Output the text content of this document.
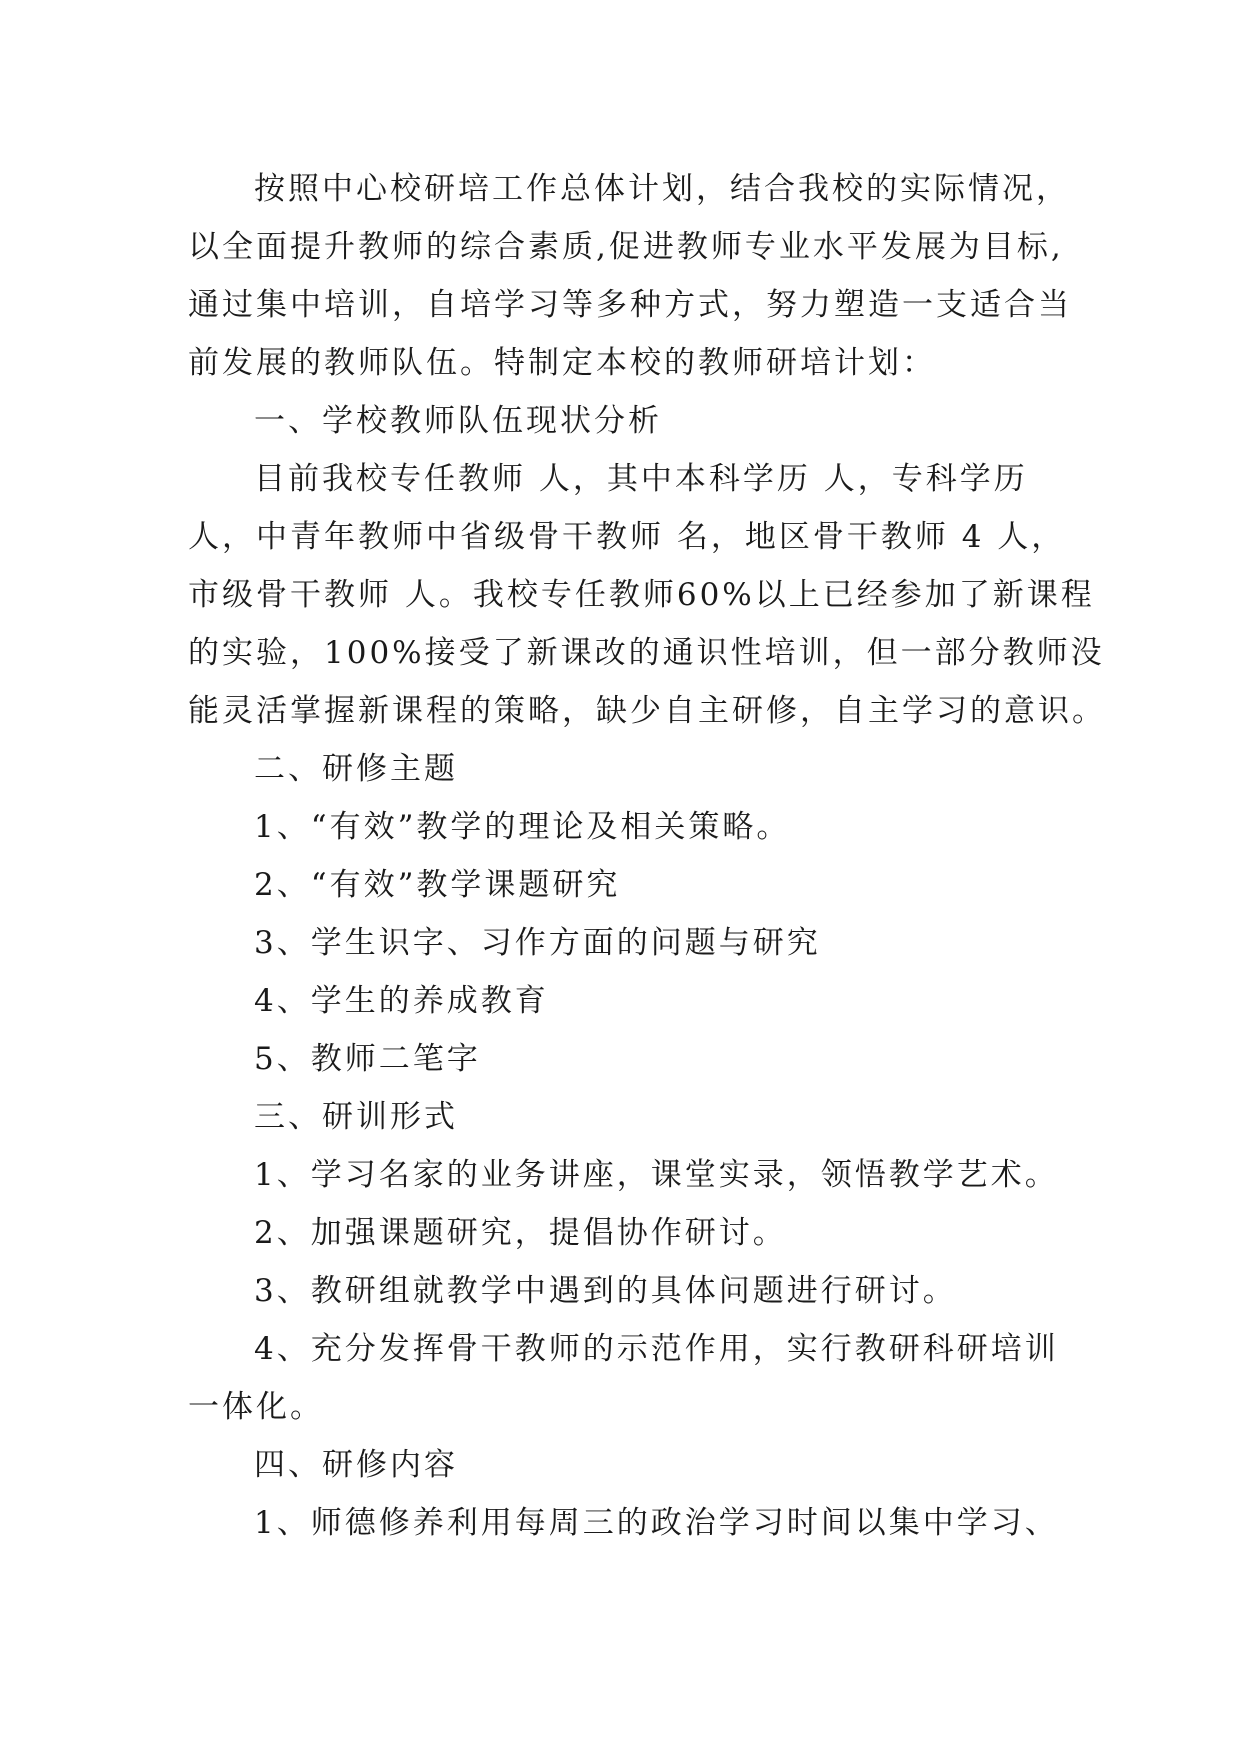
按照中心校研培工作总体计划，结合我校的实际情况，
以全面提升教师的综合素质,促进教师专业水平发展为目标,
通过集中培训，自培学习等多种方式，努力塑造一支适合当
前发展的教师队伍。特制定本校的教师研培计划：
一、学校教师队伍现状分析
目前我校专任教师 人，其中本科学历 人，专科学历
人，中青年教师中省级骨干教师 名，地区骨干教师 4 人，
市级骨干教师 人。我校专任教师60%以上已经参加了新课程
的实验，100%接受了新课改的通识性培训，但一部分教师没
能灵活掌握新课程的策略，缺少自主研修，自主学习的意识。
二、研修主题
1、“有效”教学的理论及相关策略。
2、“有效”教学课题研究
3、学生识字、习作方面的问题与研究
4、学生的养成教育
5、教师二笔字
三、研训形式
1、学习名家的业务讲座，课堂实录，领悟教学艺术。
2、加强课题研究，提倡协作研讨。
3、教研组就教学中遇到的具体问题进行研讨。
4、充分发挥骨干教师的示范作用，实行教研科研培训
一体化。
四、研修内容
1、师德修养利用每周三的政治学习时间以集中学习、
